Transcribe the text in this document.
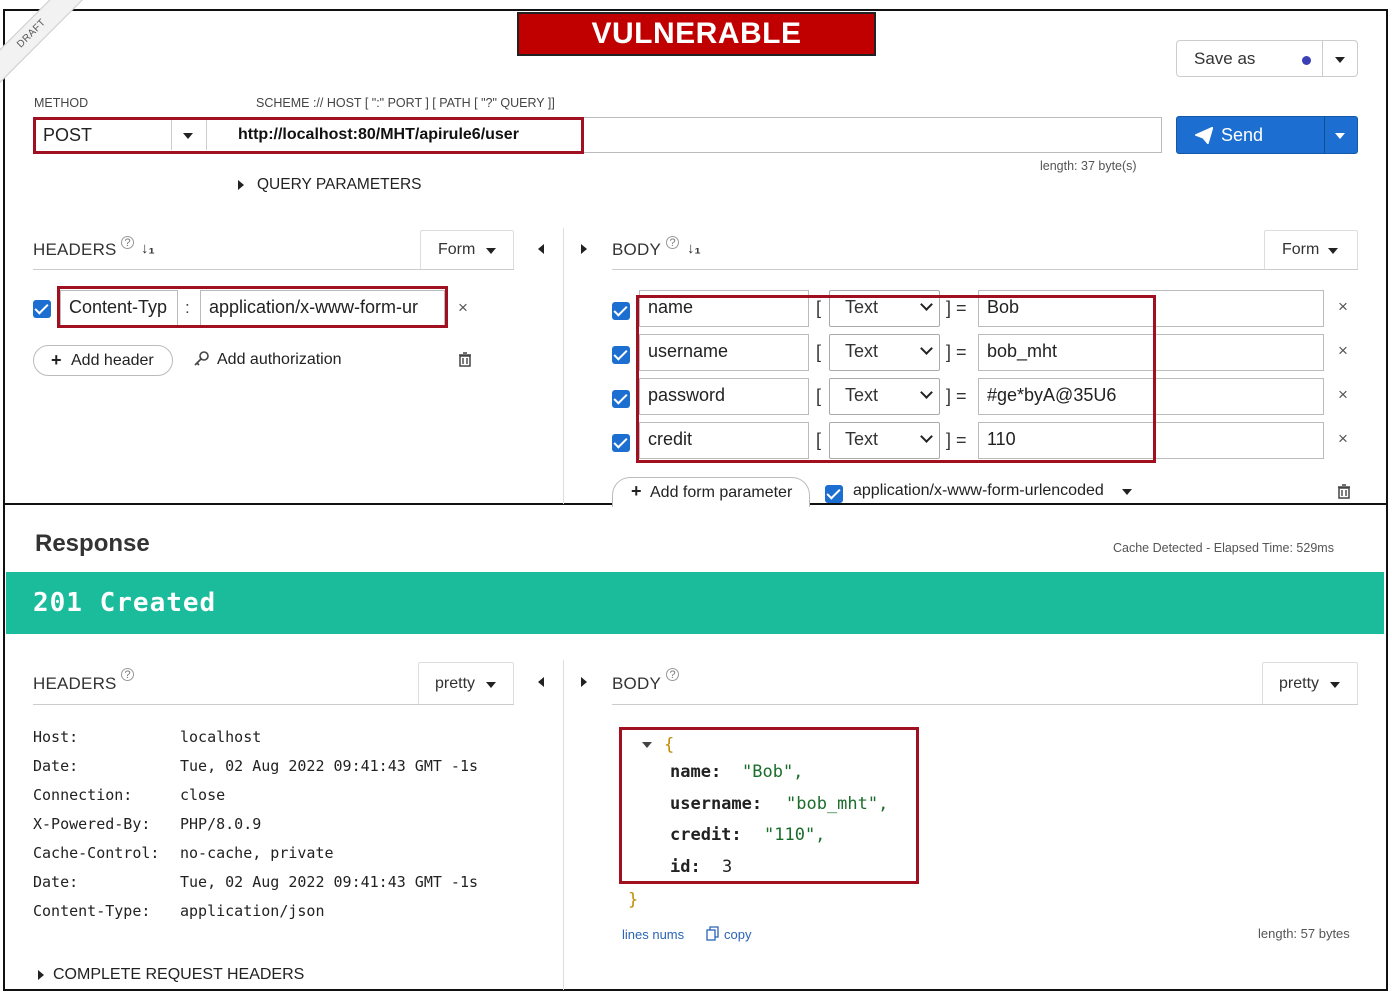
DRAFT	VULNERABLE
Save as
METHOD	SCHEME :// HOST [ ":" PORT ] [ PATH [ "?" QUERY ]]
POST	http://localhost:80/MHT/apirule6/user
length: 37 byte(s)
Send
QUERY PARAMETERS
HEADERS ? ↓₁	Form
Content-Typ	:	application/x-www-form-ur	×
+ Add header	Add authorization
BODY ? ↓₁	Form
name	[ Text	] =	Bob	×
username	[ Text	] =	bob_mht	×
password	[ Text	] =	#ge*byA@35U6	×
credit	[ Text	] =	110	×
+ Add form parameter	application/x-www-form-urlencoded
Response	Cache Detected - Elapsed Time: 529ms
201 Created
HEADERS ?	pretty
Host:	localhost
Date:	Tue, 02 Aug 2022 09:41:43 GMT -1s
Connection:	close
X-Powered-By: PHP/8.0.9
Cache-Control: no-cache, private
Date:	Tue, 02 Aug 2022 09:41:43 GMT -1s
Content-Type: application/json
COMPLETE REQUEST HEADERS
BODY ?	pretty
{
name: "Bob",
username: "bob_mht",
credit: "110",
id: 3
}
lines nums	copy	length: 57 bytes
